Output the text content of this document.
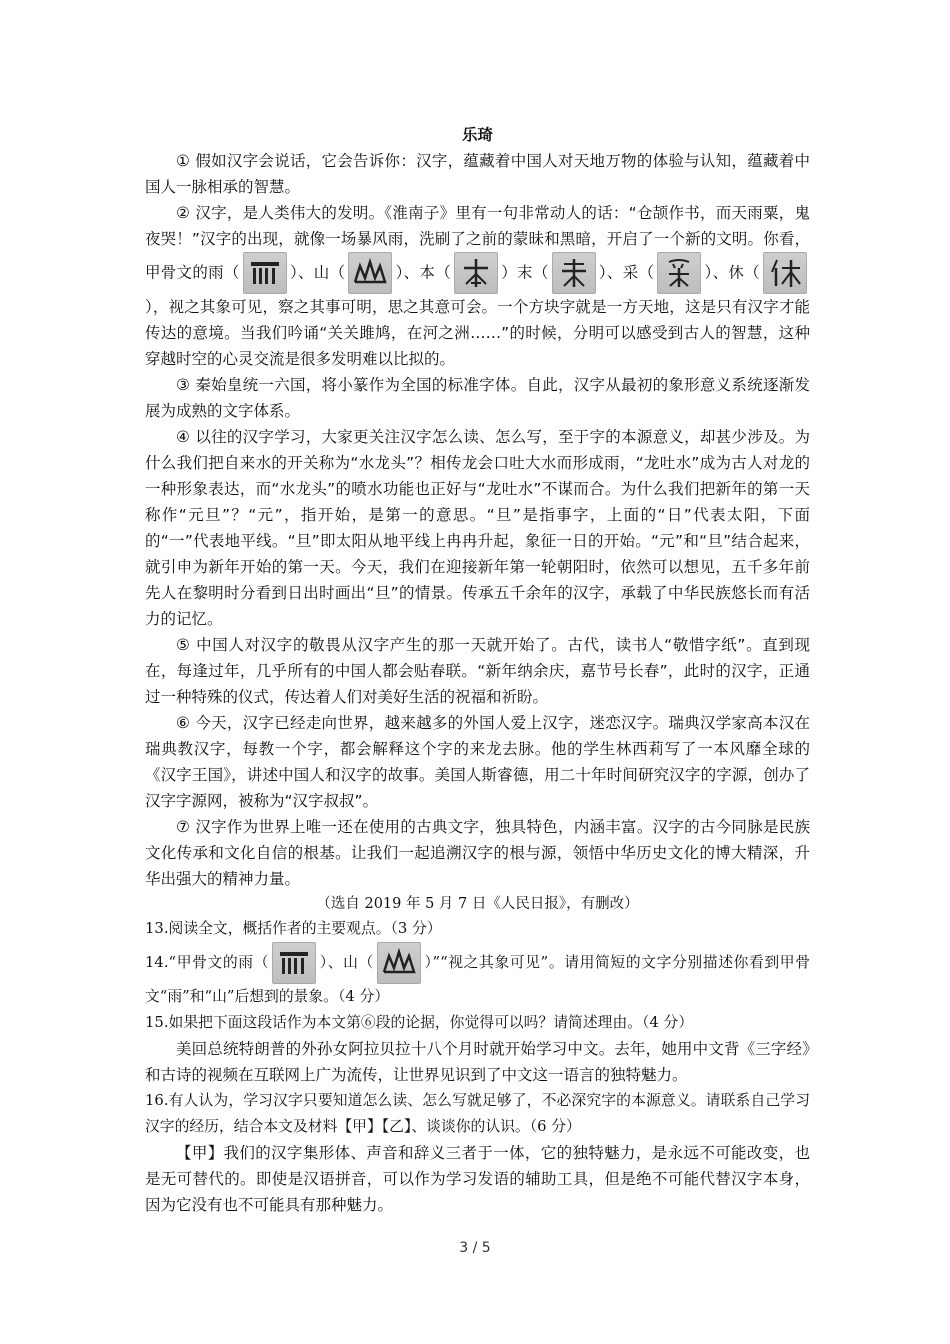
乐琦

① 假如汉字会说话，它会告诉你：汉字，蕴藏着中国人对天地万物的体验与认知，蕴藏着中国人一脉相承的智慧。

② 汉字，是人类伟大的发明。《淮南子》里有一句非常动人的话：“仓颉作书，而天雨粟，鬼夜哭！”汉字的出现，就像一场暴风雨，洗刷了之前的蒙昧和黑暗，开启了一个新的文明。你看，甲骨文的雨（	）、山（	）、本（	）末（	）、采（	）、休（
），视之其象可见，察之其事可明，思之其意可会。一个方块字就是一方天地，这是只有汉字才能传达的意境。当我们吟诵“关关雎鸠，在河之洲……”的时候，分明可以感受到古人的智慧，这种穿越时空的心灵交流是很多发明难以比拟的。

③ 秦始皇统一六国，将小篆作为全国的标准字体。自此，汉字从最初的象形意义系统逐渐发展为成熟的文字体系。

④ 以往的汉字学习，大家更关注汉字怎么读、怎么写，至于字的本源意义，却甚少涉及。为什么我们把自来水的开关称为“水龙头”？相传龙会口吐大水而形成雨，“龙吐水”成为古人对龙的一种形象表达，而“水龙头”的喷水功能也正好与“龙吐水”不谋而合。为什么我们把新年的第一天称作“元旦”？“元”，指开始，是第一的意思。“旦”是指事字，上面的“日”代表太阳，下面的“一”代表地平线。“旦”即太阳从地平线上冉冉升起，象征一日的开始。“元”和“旦”结合起来，就引申为新年开始的第一天。今天，我们在迎接新年第一轮朝阳时，依然可以想见，五千多年前先人在黎明时分看到日出时画出“旦”的情景。传承五千余年的汉字，承载了中华民族悠长而有活力的记忆。

⑤ 中国人对汉字的敬畏从汉字产生的那一天就开始了。古代，读书人“敬惜字纸”。直到现在，每逢过年，几乎所有的中国人都会贴春联。“新年纳余庆，嘉节号长春”，此时的汉字，正通过一种特殊的仪式，传达着人们对美好生活的祝福和祈盼。

⑥ 今天，汉字已经走向世界，越来越多的外国人爱上汉字，迷恋汉字。瑞典汉学家高本汉在瑞典教汉字，每教一个字，都会解释这个字的来龙去脉。他的学生林西莉写了一本风靡全球的《汉字王国》，讲述中国人和汉字的故事。美国人斯睿德，用二十年时间研究汉字的字源，创办了汉字字源网，被称为“汉字叔叔”。

⑦ 汉字作为世界上唯一还在使用的古典文字，独具特色，内涵丰富。汉字的古今同脉是民族文化传承和文化自信的根基。让我们一起追溯汉字的根与源，领悟中华历史文化的博大精深，升华出强大的精神力量。

（选自 2019 年 5 月 7 日《人民日报》，有删改）

13.阅读全文，概括作者的主要观点。（3 分）

14.“甲骨文的雨（	）、山（	）”“视之其象可见”。请用简短的文字分别描述你看到甲骨文“雨”和“山”后想到的景象。（4 分）

15.如果把下面这段话作为本文第⑥段的论据，你觉得可以吗？请简述理由。（4 分）

美回总统特朗普的外孙女阿拉贝拉十八个月时就开始学习中文。去年，她用中文背《三字经》和古诗的视频在互联网上广为流传，让世界见识到了中文这一语言的独特魅力。

16.有人认为，学习汉字只要知道怎么读、怎么写就足够了，不必深究字的本源意义。请联系自己学习汉字的经历，结合本文及材料【甲】【乙】、谈谈你的认识。（6 分）

【甲】我们的汉字集形体、声音和辞义三者于一体，它的独特魅力，是永远不可能改变，也是无可替代的。即使是汉语拼音，可以作为学习发语的辅助工具，但是绝不可能代替汉字本身，因为它没有也不可能具有那种魅力。

3 / 5
